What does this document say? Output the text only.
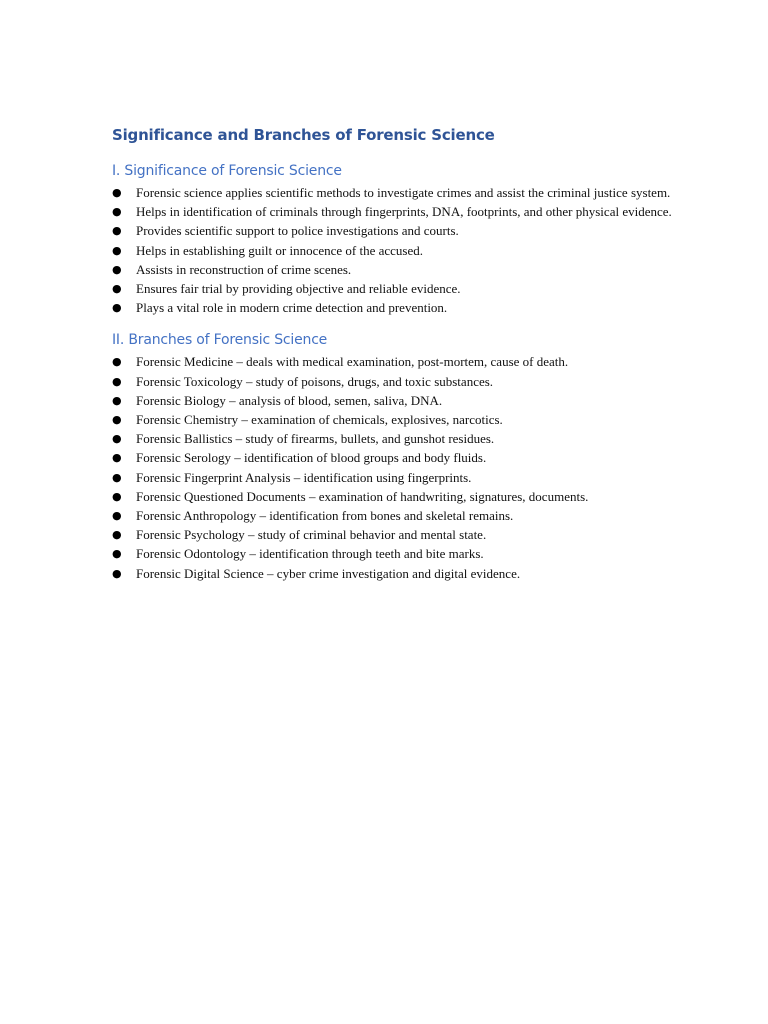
Significance and Branches of Forensic Science
I. Significance of Forensic Science
● Forensic science applies scientific methods to investigate crimes and assist the criminal justice system.
● Helps in identification of criminals through fingerprints, DNA, footprints, and other physical evidence.
● Provides scientific support to police investigations and courts.
● Helps in establishing guilt or innocence of the accused.
● Assists in reconstruction of crime scenes.
● Ensures fair trial by providing objective and reliable evidence.
● Plays a vital role in modern crime detection and prevention.
II. Branches of Forensic Science
● Forensic Medicine – deals with medical examination, post-mortem, cause of death.
● Forensic Toxicology – study of poisons, drugs, and toxic substances.
● Forensic Biology – analysis of blood, semen, saliva, DNA.
● Forensic Chemistry – examination of chemicals, explosives, narcotics.
● Forensic Ballistics – study of firearms, bullets, and gunshot residues.
● Forensic Serology – identification of blood groups and body fluids.
● Forensic Fingerprint Analysis – identification using fingerprints.
● Forensic Questioned Documents – examination of handwriting, signatures, documents.
● Forensic Anthropology – identification from bones and skeletal remains.
● Forensic Psychology – study of criminal behavior and mental state.
● Forensic Odontology – identification through teeth and bite marks.
● Forensic Digital Science – cyber crime investigation and digital evidence.
